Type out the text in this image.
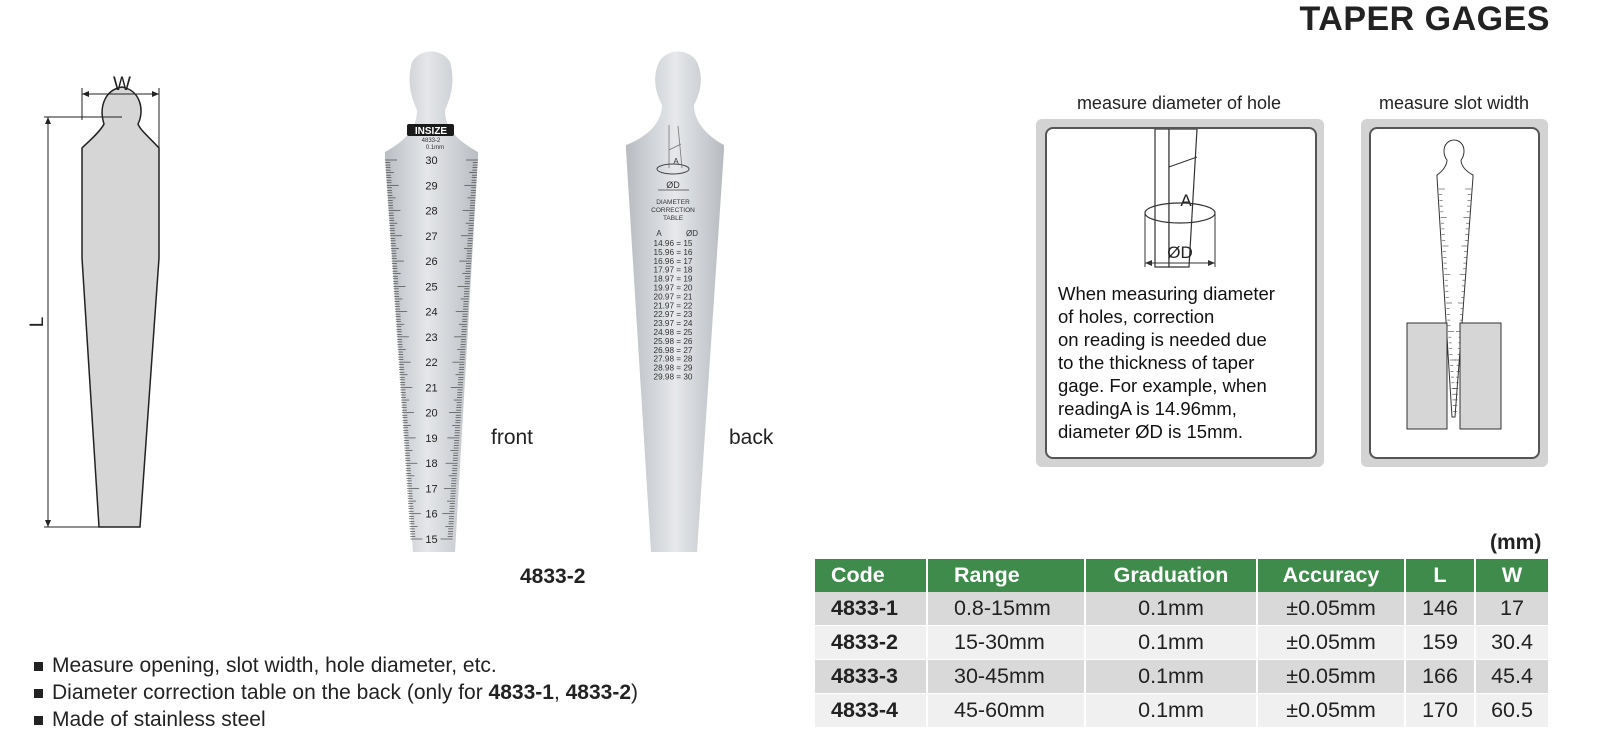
TAPER GAGES
W
L
INSIZE
4833-2
0.1mm
30
29
28
27
26
25
24
23
22
21
20
19
18
17
16
15
front
A
ØD
DIAMETER
CORRECTION
TABLE
A	ØD
14.96 = 15
15.96 = 16
16.96 = 17
17.97 = 18
18.97 = 19
19.97 = 20
20.97 = 21
21.97 = 22
22.97 = 23
23.97 = 24
24.98 = 25
25.98 = 26
26.98 = 27
27.98 = 28
28.98 = 29
29.98 = 30
back
4833-2
measure diameter of hole
A
ØD
When measuring diameter
of holes, correction
on reading is needed due
to the thickness of taper
gage. For example, when
readingA is 14.96mm,
diameter ØD is 15mm.
measure slot width
(mm)
Code	Range	Graduation	Accuracy	L	W
4833-1	0.8-15mm	0.1mm	±0.05mm	146	17
4833-2	15-30mm	0.1mm	±0.05mm	159	30.4
4833-3	30-45mm	0.1mm	±0.05mm	166	45.4
4833-4	45-60mm	0.1mm	±0.05mm	170	60.5
Measure opening, slot width, hole diameter, etc.
Diameter correction table on the back (only for 4833-1, 4833-2)
Made of stainless steel
